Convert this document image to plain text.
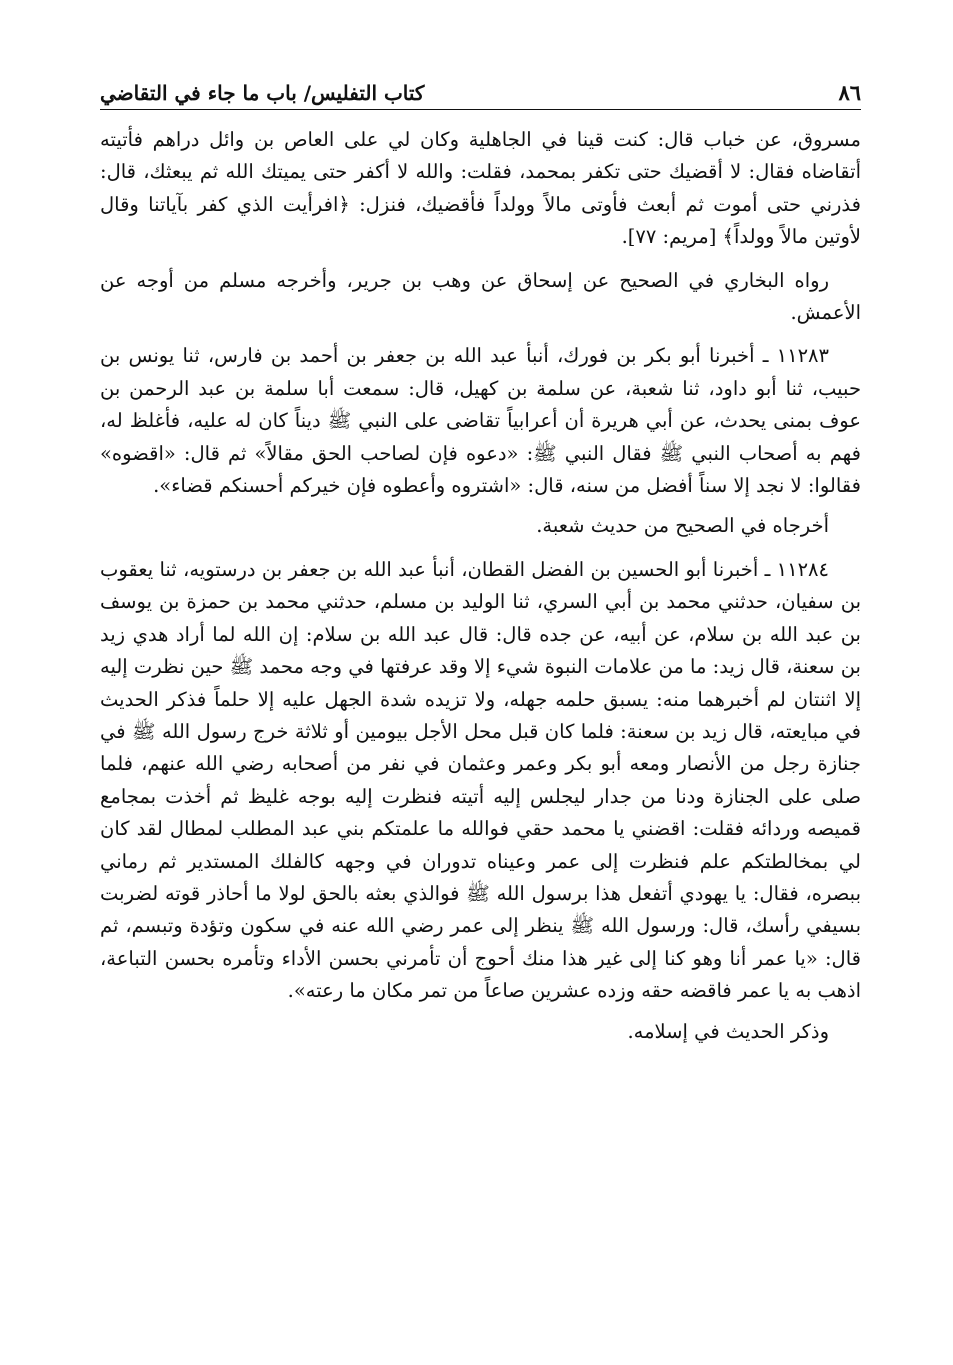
٨٦
كتاب التفليس/ باب ما جاء في التقاضي

مسروق، عن خباب قال: كنت قينا في الجاهلية وكان لي على العاص بن وائل دراهم فأتيته أتقاضاه فقال: لا أقضيك حتى تكفر بمحمد، فقلت: والله لا أكفر حتى يميتك الله ثم يبعثك، قال: فذرني حتى أموت ثم أبعث فأوتى مالاً وولداً فأقضيك، فنزل: ﴿افرأيت الذي كفر بآياتنا وقال لأوتين مالاً وولداً﴾ [مريم: ٧٧].

رواه البخاري في الصحيح عن إسحاق عن وهب بن جرير، وأخرجه مسلم من أوجه عن الأعمش.

١١٢٨٣ ـ أخبرنا أبو بكر بن فورك، أنبأ عبد الله بن جعفر بن أحمد بن فارس، ثنا يونس بن حبيب، ثنا أبو داود، ثنا شعبة، عن سلمة بن كهيل، قال: سمعت أبا سلمة بن عبد الرحمن بن عوف بمنى يحدث، عن أبي هريرة أن أعرابياً تقاضى على النبي ﷺ ديناً كان له عليه، فأغلظ له، فهم به أصحاب النبي ﷺ فقال النبي ﷺ: «دعوه فإن لصاحب الحق مقالاً» ثم قال: «اقضوه» فقالوا: لا نجد إلا سناً أفضل من سنه، قال: «اشتروه وأعطوه فإن خيركم أحسنكم قضاء».

أخرجاه في الصحيح من حديث شعبة.

١١٢٨٤ ـ أخبرنا أبو الحسين بن الفضل القطان، أنبأ عبد الله بن جعفر بن درستويه، ثنا يعقوب بن سفيان، حدثني محمد بن أبي السري، ثنا الوليد بن مسلم، حدثني محمد بن حمزة بن يوسف بن عبد الله بن سلام، عن أبيه، عن جده قال: قال عبد الله بن سلام: إن الله لما أراد هدي زيد بن سعنة، قال زيد: ما من علامات النبوة شيء إلا وقد عرفتها في وجه محمد ﷺ حين نظرت إليه إلا اثنتان لم أخبرهما منه: يسبق حلمه جهله، ولا تزيده شدة الجهل عليه إلا حلماً فذكر الحديث في مبايعته، قال زيد بن سعنة: فلما كان قبل محل الأجل بيومين أو ثلاثة خرج رسول الله ﷺ في جنازة رجل من الأنصار ومعه أبو بكر وعمر وعثمان في نفر من أصحابه رضي الله عنهم، فلما صلى على الجنازة ودنا من جدار ليجلس إليه أتيته فنظرت إليه بوجه غليظ ثم أخذت بمجامع قميصه وردائه فقلت: اقضني يا محمد حقي فوالله ما علمتكم بني عبد المطلب لمطال لقد كان لي بمخالطتكم علم فنظرت إلى عمر وعيناه تدوران في وجهه كالفلك المستدير ثم رماني ببصره، فقال: يا يهودي أتفعل هذا برسول الله ﷺ فوالذي بعثه بالحق لولا ما أحاذر قوته لضربت بسيفي رأسك، قال: ورسول الله ﷺ ينظر إلى عمر رضي الله عنه في سكون وتؤدة وتبسم، ثم قال: «يا عمر أنا وهو كنا إلى غير هذا منك أحوج أن تأمرني بحسن الأداء وتأمره بحسن التباعة، اذهب به يا عمر فاقضه حقه وزده عشرين صاعاً من تمر مكان ما رعته».

وذكر الحديث في إسلامه.
